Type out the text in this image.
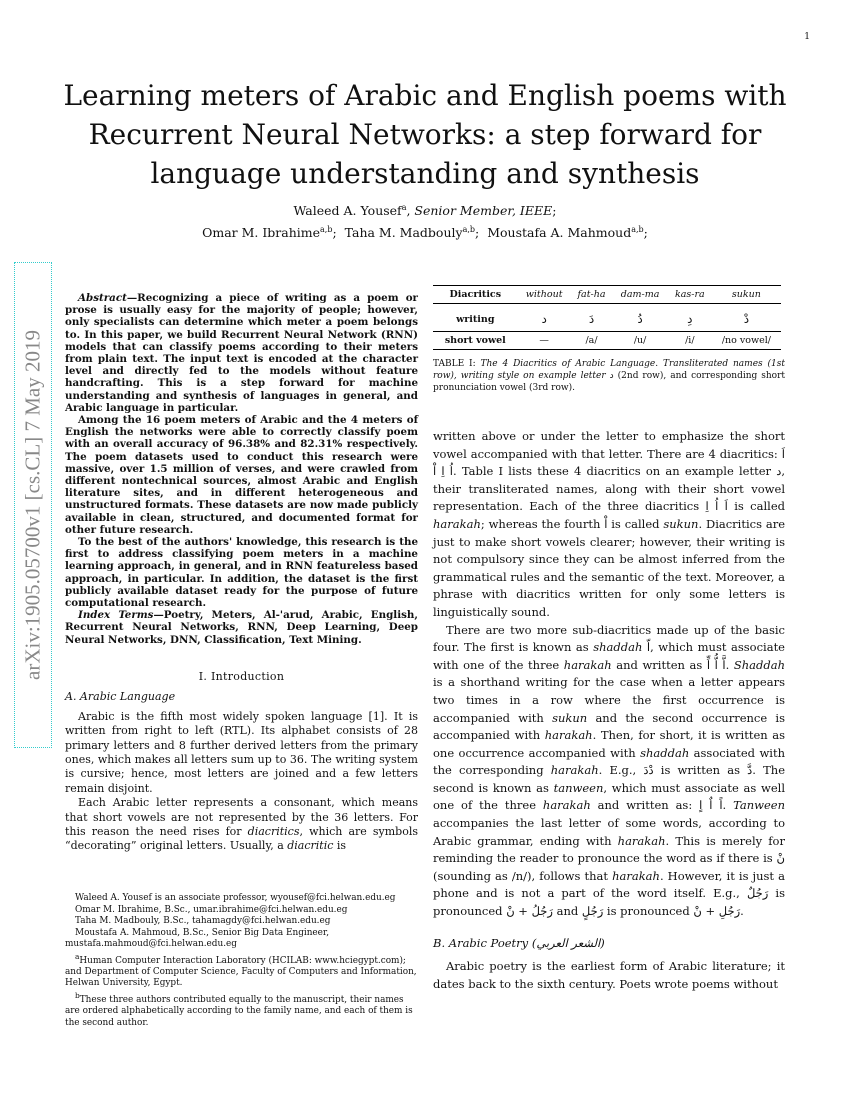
1
arXiv:1905.05700v1 [cs.CL] 7 May 2019
Learning meters of Arabic and English poems with Recurrent Neural Networks: a step forward for language understanding and synthesis
Waleed A. Yousef$^a$, Senior Member, IEEE;
Omar M. Ibrahime$^{a,b}$;  Taha M. Madbouly$^{a,b}$;  Moustafa A. Mahmoud$^{a,b}$;

Abstract—Recognizing a piece of writing as a poem or prose is usually easy for the majority of people; however, only specialists can determine which meter a poem belongs to. In this paper, we build Recurrent Neural Network (RNN) models that can classify poems according to their meters from plain text. The input text is encoded at the character level and directly fed to the models without feature handcrafting. This is a step forward for machine understanding and synthesis of languages in general, and Arabic language in particular.

Among the 16 poem meters of Arabic and the 4 meters of English the networks were able to correctly classify poem with an overall accuracy of 96.38% and 82.31% respectively. The poem datasets used to conduct this research were massive, over 1.5 million of verses, and were crawled from different nontechnical sources, almost Arabic and English literature sites, and in different heterogeneous and unstructured formats. These datasets are now made publicly available in clean, structured, and documented format for other future research.

To the best of the authors' knowledge, this research is the first to address classifying poem meters in a machine learning approach, in general, and in RNN featureless based approach, in particular. In addition, the dataset is the first publicly available dataset ready for the purpose of future computational research.

Index Terms—Poetry, Meters, Al-'arud, Arabic, English, Recurrent Neural Networks, RNN, Deep Learning, Deep Neural Networks, DNN, Classification, Text Mining.

I. Introduction
A. Arabic Language

Arabic is the fifth most widely spoken language [1]. It is written from right to left (RTL). Its alphabet consists of 28 primary letters and 8 further derived letters from the primary ones, which makes all letters sum up to 36. The writing system is cursive; hence, most letters are joined and a few letters remain disjoint.

Each Arabic letter represents a consonant, which means that short vowels are not represented by the 36 letters. For this reason the need rises for diacritics, which are symbols “decorating” original letters. Usually, a diacritic is

Waleed A. Yousef is an associate professor, wyousef@fci.helwan.edu.eg

Omar M. Ibrahime, B.Sc., umar.ibrahime@fci.helwan.edu.eg

Taha M. Madbouly, B.Sc., tahamagdy@fci.helwan.edu.eg

Moustafa A. Mahmoud, B.Sc., Senior Big Data Engineer, mustafa.mahmoud@fci.helwan.edu.eg

$^a$Human Computer Interaction Laboratory (HCILAB: www.hciegypt.com); and Department of Computer Science, Faculty of Computers and Information, Helwan University, Egypt.

$^b$These three authors contributed equally to the manuscript, their names are ordered alphabetically according to the family name, and each of them is the second author.

Diacritics	without	fat-ha	dam-ma	kas-ra	sukun
writing	د	دَ	دُ	دِ	دْ
short vowel	—	/a/	/u/	/i/	/no vowel/
TABLE I: The 4 Diacritics of Arabic Language. Transliterated names (1st row), writing style on example letter د (2nd row), and corresponding short pronunciation vowel (3rd row).

written above or under the letter to emphasize the short vowel accompanied with that letter. There are 4 diacritics: اَ اُ اِ اْ. Table I lists these 4 diacritics on an example letter د, their transliterated names, along with their short vowel representation. Each of the three diacritics اَ اُ اِ is called harakah; whereas the fourth اْ is called sukun. Diacritics are just to make short vowels clearer; however, their writing is not compulsory since they can be almost inferred from the grammatical rules and the semantic of the text. Moreover, a phrase with diacritics written for only some letters is linguistically sound.

There are two more sub-diacritics made up of the basic four. The first is known as shaddah اّ, which must associate with one of the three harakah and written as اَّ اُّ اِّ. Shaddah is a shorthand writing for the case when a letter appears two times in a row where the first occurrence is accompanied with sukun and the second occurrence is accompanied with harakah. Then, for short, it is written as one occurrence accompanied with shaddah associated with the corresponding harakah. E.g., دْدَ is written as دَّ. The second is known as tanween, which must associate as well one of the three harakah and written as: اً اٌ اٍ. Tanween accompanies the last letter of some words, according to Arabic grammar, ending with harakah. This is merely for reminding the reader to pronounce the word as if there is نْ (sounding as /n/), follows that harakah. However, it is just a phone and is not a part of the word itself. E.g., رَجُلٌ is pronounced رَجُلُ + نْ and رَجُلٍ is pronounced رَجُلِ + نْ.

B. Arabic Poetry (الشعر العربي)

Arabic poetry is the earliest form of Arabic literature; it dates back to the sixth century. Poets wrote poems without
